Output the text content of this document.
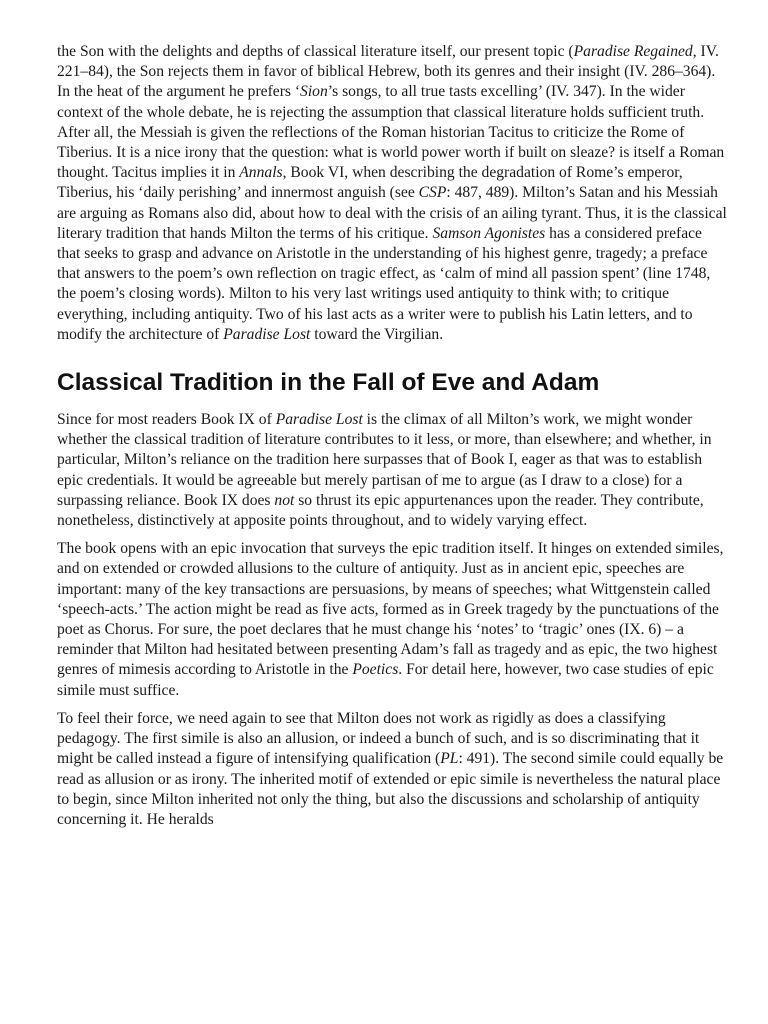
the Son with the delights and depths of classical literature itself, our present topic (Paradise Regained, IV. 221–84), the Son rejects them in favor of biblical Hebrew, both its genres and their insight (IV. 286–364). In the heat of the argument he prefers ‘Sion’s songs, to all true tasts excelling’ (IV. 347). In the wider context of the whole debate, he is rejecting the assumption that classical literature holds sufficient truth. After all, the Messiah is given the reflections of the Roman historian Tacitus to criticize the Rome of Tiberius. It is a nice irony that the question: what is world power worth if built on sleaze? is itself a Roman thought. Tacitus implies it in Annals, Book VI, when describing the degradation of Rome’s emperor, Tiberius, his ‘daily perishing’ and innermost anguish (see CSP: 487, 489). Milton’s Satan and his Messiah are arguing as Romans also did, about how to deal with the crisis of an ailing tyrant. Thus, it is the classical literary tradition that hands Milton the terms of his critique. Samson Agonistes has a considered preface that seeks to grasp and advance on Aristotle in the understanding of his highest genre, tragedy; a preface that answers to the poem’s own reflection on tragic effect, as ‘calm of mind all passion spent’ (line 1748, the poem’s closing words). Milton to his very last writings used antiquity to think with; to critique everything, including antiquity. Two of his last acts as a writer were to publish his Latin letters, and to modify the architecture of Paradise Lost toward the Virgilian.

Classical Tradition in the Fall of Eve and Adam

Since for most readers Book IX of Paradise Lost is the climax of all Milton’s work, we might wonder whether the classical tradition of literature contributes to it less, or more, than elsewhere; and whether, in particular, Milton’s reliance on the tradition here surpasses that of Book I, eager as that was to establish epic credentials. It would be agreeable but merely partisan of me to argue (as I draw to a close) for a surpassing reliance. Book IX does not so thrust its epic appurtenances upon the reader. They contribute, nonetheless, distinctively at apposite points throughout, and to widely varying effect.

The book opens with an epic invocation that surveys the epic tradition itself. It hinges on extended similes, and on extended or crowded allusions to the culture of antiquity. Just as in ancient epic, speeches are important: many of the key transactions are persuasions, by means of speeches; what Wittgenstein called ‘speech-acts.’ The action might be read as five acts, formed as in Greek tragedy by the punctuations of the poet as Chorus. For sure, the poet declares that he must change his ‘notes’ to ‘tragic’ ones (IX. 6) – a reminder that Milton had hesitated between presenting Adam’s fall as tragedy and as epic, the two highest genres of mimesis according to Aristotle in the Poetics. For detail here, however, two case studies of epic simile must suffice.

To feel their force, we need again to see that Milton does not work as rigidly as does a classifying pedagogy. The first simile is also an allusion, or indeed a bunch of such, and is so discriminating that it might be called instead a figure of intensifying qualification (PL: 491). The second simile could equally be read as allusion or as irony. The inherited motif of extended or epic simile is nevertheless the natural place to begin, since Milton inherited not only the thing, but also the discussions and scholarship of antiquity concerning it. He heralds
